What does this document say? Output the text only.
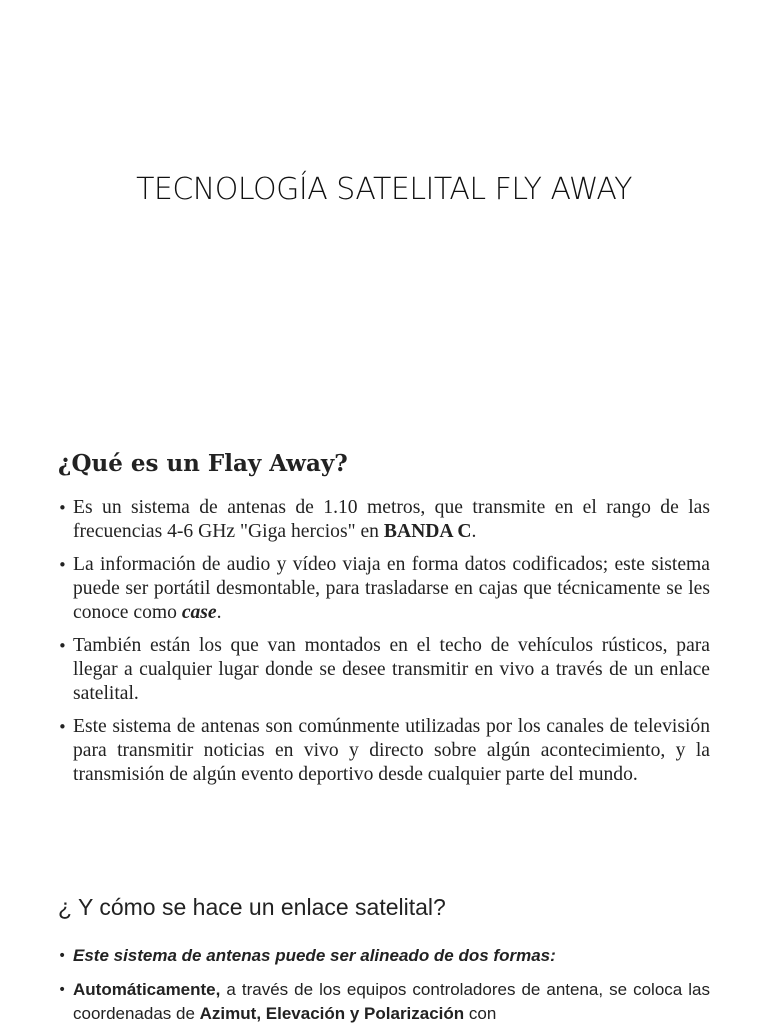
TECNOLOGÍA SATELITAL FLY AWAY
¿Qué es un Flay Away?
• Es un sistema de antenas de 1.10 metros, que transmite en el rango de las frecuencias 4-6 GHz "Giga hercios" en BANDA C.
• La información de audio y vídeo viaja en forma datos codificados; este sistema puede ser portátil desmontable, para trasladarse en cajas que técnicamente se les conoce como case.
• También están los que van montados en el techo de vehículos rústicos, para llegar a cualquier lugar donde se desee transmitir en vivo a través de un enlace satelital.
• Este sistema de antenas son comúnmente utilizadas por los canales de televisión para transmitir noticias en vivo y directo sobre algún acontecimiento, y la transmisión de algún evento deportivo desde cualquier parte del mundo.
¿ Y cómo se hace un enlace satelital?
• Este sistema de antenas puede ser alineado de dos formas:
• Automáticamente, a través de los equipos controladores de antena, se coloca las coordenadas de Azimut, Elevación y Polarización con
